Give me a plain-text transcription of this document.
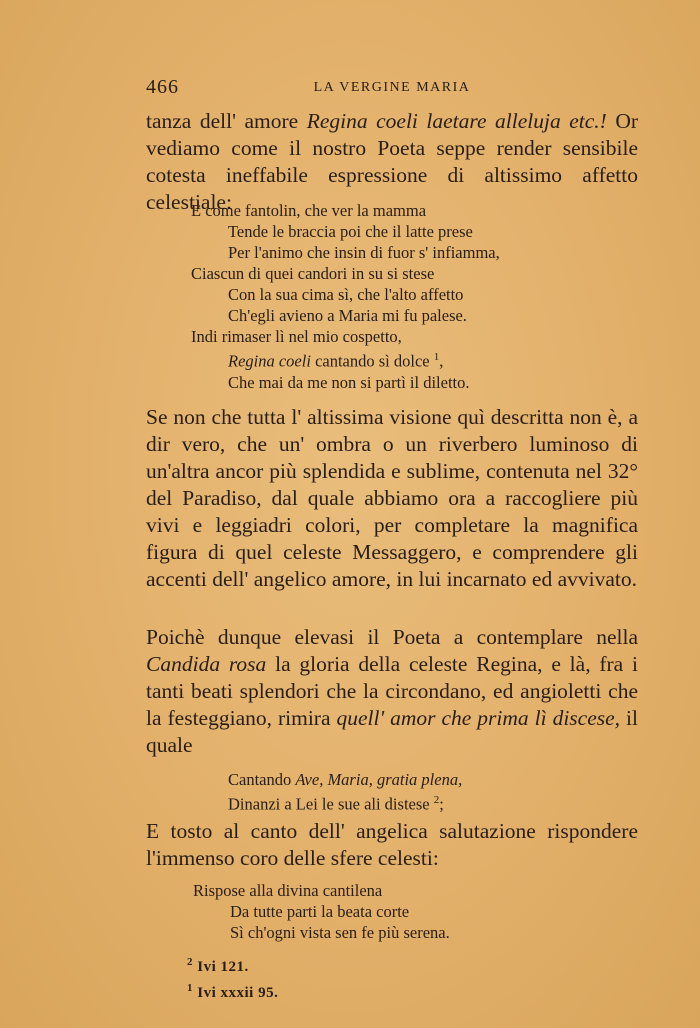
466	LA VERGINE MARIA

tanza dell' amore Regina coeli laetare alleluja etc.! Or vediamo come il nostro Poeta seppe render sensibile cotesta ineffabile espressione di altissimo affetto celestiale:

E come fantolin, che ver la mamma
Tende le braccia poi che il latte prese
Per l'animo che insin di fuor s' infiamma,
Ciascun di quei candori in su si stese
Con la sua cima sì, che l'alto affetto
Ch'egli avieno a Maria mi fu palese.
Indi rimaser lì nel mio cospetto,
Regina coeli cantando sì dolce $^1$,
Che mai da me non si partì il diletto.

Se non che tutta l' altissima visione quì descritta non è, a dir vero, che un' ombra o un riverbero luminoso di un'altra ancor più splendida e sublime, contenuta nel 32° del Paradiso, dal quale abbiamo ora a raccogliere più vivi e leggiadri colori, per completare la magnifica figura di quel celeste Messaggero, e comprendere gli accenti dell' angelico amore, in lui incarnato ed avvivato.

Poichè dunque elevasi il Poeta a contemplare nella Candida rosa la gloria della celeste Regina, e là, fra i tanti beati splendori che la circondano, ed angioletti che la festeggiano, rimira quell' amor che prima lì discese, il quale

Cantando Ave, Maria, gratia plena,
Dinanzi a Lei le sue ali distese $^2$;

E tosto al canto dell' angelica salutazione rispondere l'immenso coro delle sfere celesti:

Rispose alla divina cantilena
Da tutte parti la beata corte
Sì ch'ogni vista sen fe più serena.
$^2$ Ivi 121.
$^1$ Ivi xxxii 95.
